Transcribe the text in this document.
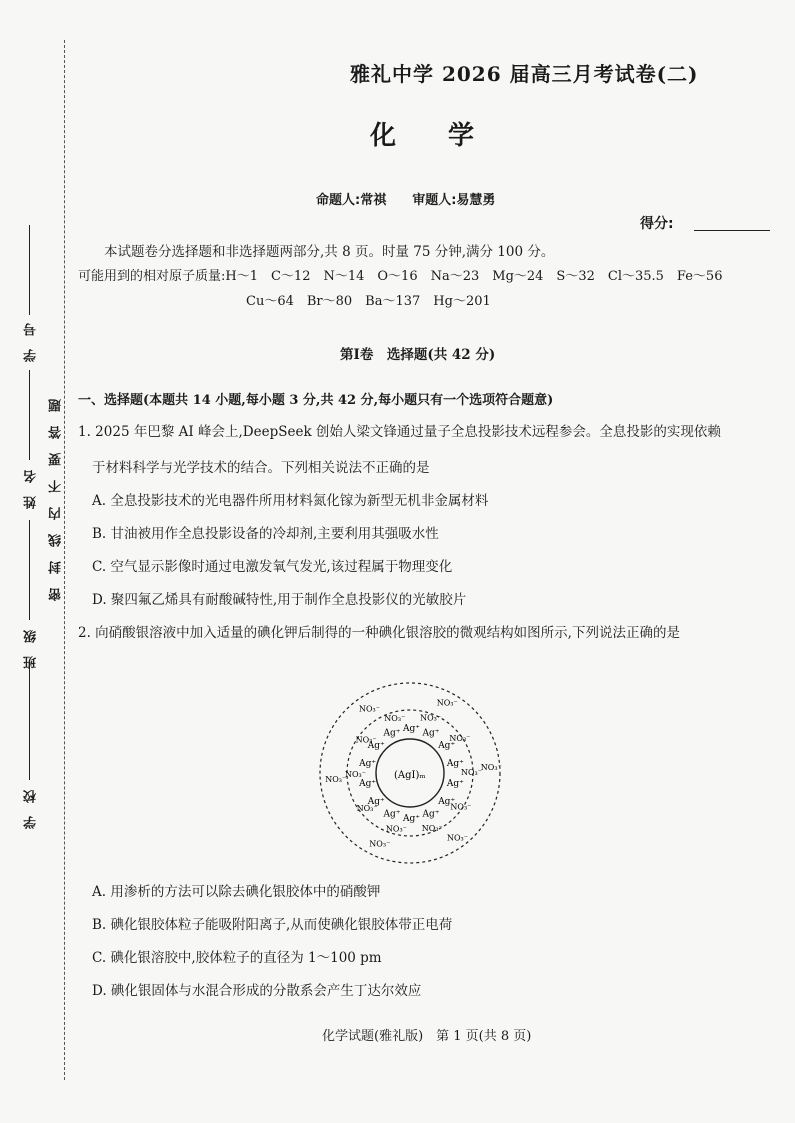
学　校
班　级
姓　名
学　号
密封线内不要答题
雅礼中学 2026 届高三月考试卷(二)
化学
命题人:常祺　　审题人:易慧勇
得分:
本试题卷分选择题和非选择题两部分,共 8 页。时量 75 分钟,满分 100 分。
可能用到的相对原子质量:H～1　C～12　N～14　O～16　Na～23　Mg～24　S～32　Cl～35.5　Fe～56
Cu～64　Br～80　Ba～137　Hg～201
第Ⅰ卷　选择题(共 42 分)
一、选择题(本题共 14 小题,每小题 3 分,共 42 分,每小题只有一个选项符合题意)
1. 2025 年巴黎 AI 峰会上,DeepSeek 创始人梁文锋通过量子全息投影技术远程参会。全息投影的实现依赖
于材料科学与光学技术的结合。下列相关说法不正确的是
A. 全息投影技术的光电器件所用材料氮化镓为新型无机非金属材料
B. 甘油被用作全息投影设备的冷却剂,主要利用其强吸水性
C. 空气显示影像时通过电激发氧气发光,该过程属于物理变化
D. 聚四氟乙烯具有耐酸碱特性,用于制作全息投影仪的光敏胶片
2. 向硝酸银溶液中加入适量的碘化钾后制得的一种碘化银溶胶的微观结构如图所示,下列说法正确的是
(AgI)ₘ
Ag⁺ Ag⁺
Ag⁺
Ag⁺
Ag⁺
Ag⁺
Ag⁺
Ag⁺
Ag⁺
Ag⁺
Ag⁺
Ag⁺
Ag⁺
Ag⁺
NO₃⁻
NO₃⁻
NO₃⁻
NO₃⁻
NO₃⁻
NO₃⁻
NO₃⁻
NO₃⁻
NO₃⁻
NO₃⁻
NO₃⁻
NO₃⁻
NO₃⁻
NO₃⁻
NO₃⁻
NO₃⁻
A. 用渗析的方法可以除去碘化银胶体中的硝酸钾
B. 碘化银胶体粒子能吸附阳离子,从而使碘化银胶体带正电荷
C. 碘化银溶胶中,胶体粒子的直径为 1～100 pm
D. 碘化银固体与水混合形成的分散系会产生丁达尔效应
化学试题(雅礼版)　第 1 页(共 8 页)
